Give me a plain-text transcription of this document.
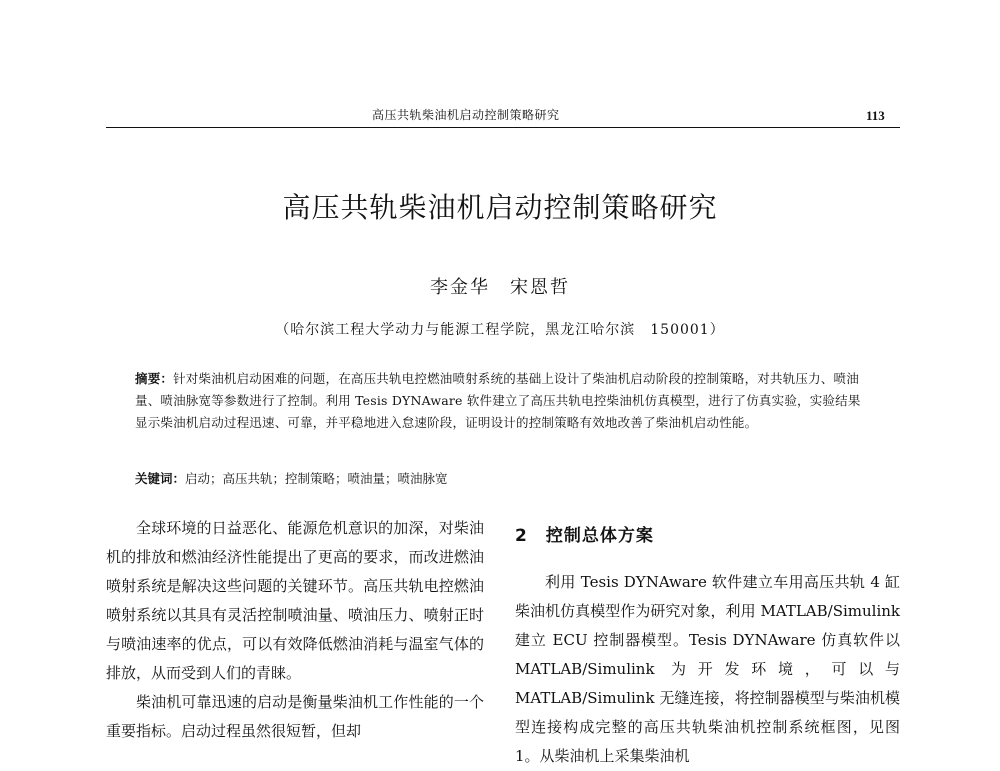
高压共轨柴油机启动控制策略研究	113
高压共轨柴油机启动控制策略研究
李金华　宋恩哲
（哈尔滨工程大学动力与能源工程学院，黑龙江哈尔滨　150001）
摘要：针对柴油机启动困难的问题，在高压共轨电控燃油喷射系统的基础上设计了柴油机启动阶段的控制策略，对共轨压力、喷油量、喷油脉宽等参数进行了控制。利用 Tesis DYNAware 软件建立了高压共轨电控柴油机仿真模型，进行了仿真实验，实验结果显示柴油机启动过程迅速、可靠，并平稳地进入怠速阶段，证明设计的控制策略有效地改善了柴油机启动性能。
关键词：启动；高压共轨；控制策略；喷油量；喷油脉宽

全球环境的日益恶化、能源危机意识的加深，对柴油机的排放和燃油经济性能提出了更高的要求，而改进燃油喷射系统是解决这些问题的关键环节。高压共轨电控燃油喷射系统以其具有灵活控制喷油量、喷油压力、喷射正时与喷油速率的优点，可以有效降低燃油消耗与温室气体的排放，从而受到人们的青睐。

柴油机可靠迅速的启动是衡量柴油机工作性能的一个重要指标。启动过程虽然很短暂，但却

2 控制总体方案

利用 Tesis DYNAware 软件建立车用高压共轨 4 缸柴油机仿真模型作为研究对象，利用 MATLAB/Simulink 建立 ECU 控制器模型。Tesis DYNAware 仿真软件以 MATLAB/Simulink 为开发环境，可以与 MATLAB/Simulink 无缝连接，将控制器模型与柴油机模型连接构成完整的高压共轨柴油机控制系统框图，见图 1。从柴油机上采集柴油机
